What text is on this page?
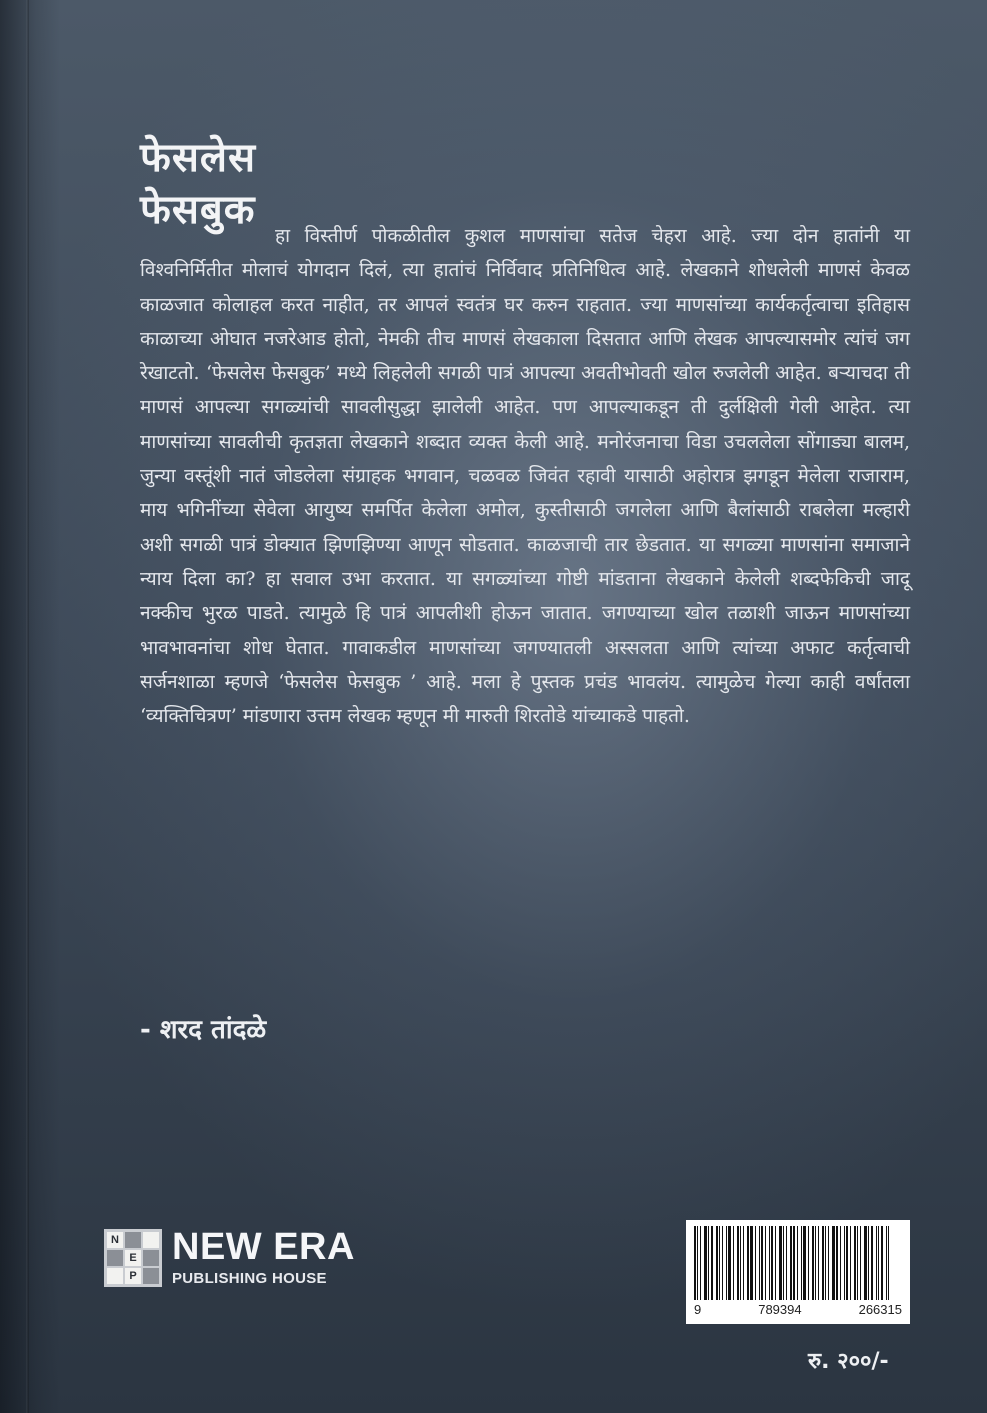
फेसलेस
फेसबुक

हा विस्तीर्ण पोकळीतील कुशल माणसांचा सतेज चेहरा आहे. ज्या दोन हातांनी या विश्वनिर्मितीत मोलाचं योगदान दिलं, त्या हातांचं निर्विवाद प्रतिनिधित्व आहे. लेखकाने शोधलेली माणसं केवळ काळजात कोलाहल करत नाहीत, तर आपलं स्वतंत्र घर करुन राहतात. ज्या माणसांच्या कार्यकर्तृत्वाचा इतिहास काळाच्या ओघात नजरेआड होतो, नेमकी तीच माणसं लेखकाला दिसतात आणि लेखक आपल्यासमोर त्यांचं जग रेखाटतो. ‘फेसलेस फेसबुक’ मध्ये लिहलेली सगळी पात्रं आपल्या अवतीभोवती खोल रुजलेली आहेत. बऱ्याचदा ती माणसं आपल्या सगळ्यांची सावलीसुद्धा झालेली आहेत. पण आपल्याकडून ती दुर्लक्षिली गेली आहेत. त्या माणसांच्या सावलीची कृतज्ञता लेखकाने शब्दात व्यक्त केली आहे. मनोरंजनाचा विडा उचललेला सोंगाड्या बालम, जुन्या वस्तूंशी नातं जोडलेला संग्राहक भगवान, चळवळ जिवंत रहावी यासाठी अहोरात्र झगडून मेलेला राजाराम, माय भगिनींच्या सेवेला आयुष्य समर्पित केलेला अमोल, कुस्तीसाठी जगलेला आणि बैलांसाठी राबलेला मल्हारी अशी सगळी पात्रं डोक्यात झिणझिण्या आणून सोडतात. काळजाची तार छेडतात. या सगळ्या माणसांना समाजाने न्याय दिला का? हा सवाल उभा करतात. या सगळ्यांच्या गोष्टी मांडताना लेखकाने केलेली शब्दफेकिची जादू नक्कीच भुरळ पाडते. त्यामुळे हि पात्रं आपलीशी होऊन जातात. जगण्याच्या खोल तळाशी जाऊन माणसांच्या भावभावनांचा शोध घेतात. गावाकडील माणसांच्या जगण्यातली अस्सलता आणि त्यांच्या अफाट कर्तृत्वाची सर्जनशाळा म्हणजे ‘फेसलेस फेसबुक ’ आहे. मला हे पुस्तक प्रचंड भावलंय. त्यामुळेच गेल्या काही वर्षांतला ‘व्यक्तिचित्रण’ मांडणारा उत्तम लेखक म्हणून मी मारुती शिरतोडे यांच्याकडे पाहतो.

- शरद तांदळे
N
E
P
NEW ERA
PUBLISHING HOUSE
9	789394	266315
रु. २००/-
